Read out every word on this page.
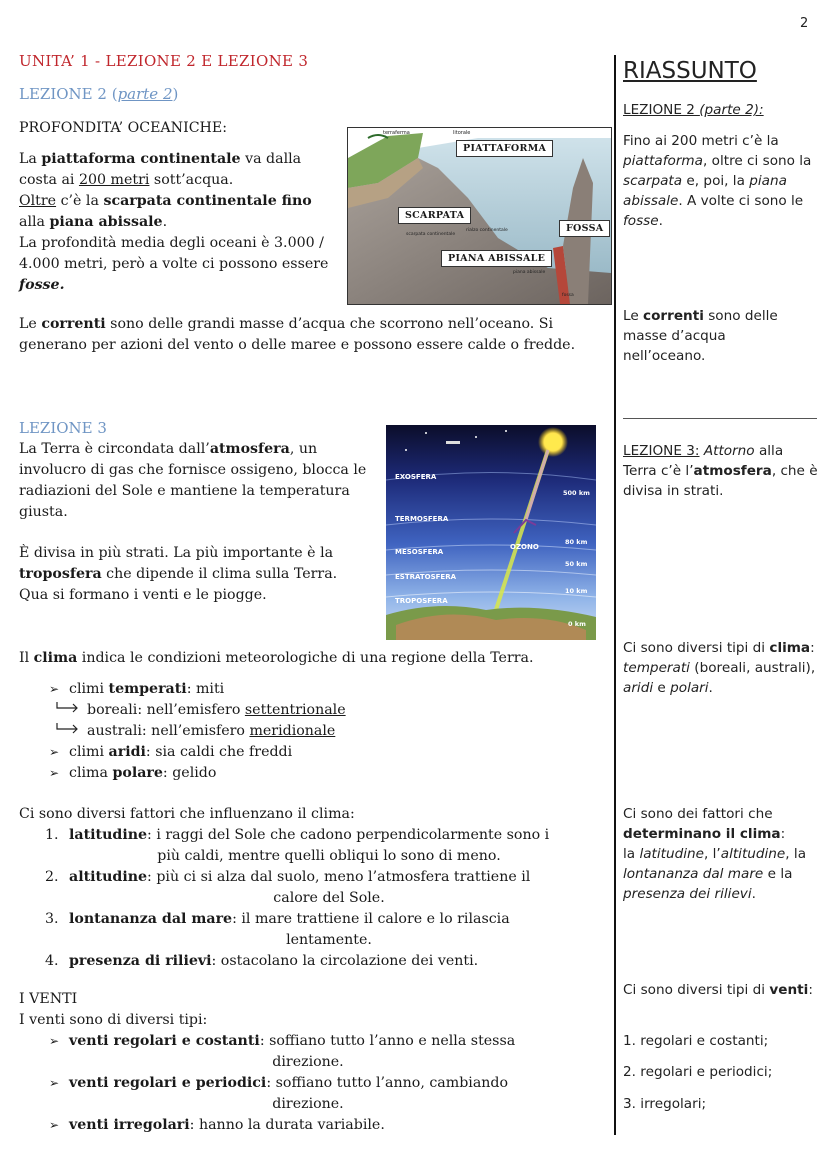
2
UNITA’ 1 - LEZIONE 2 E LEZIONE 3
LEZIONE 2 (parte 2)
PROFONDITA’ OCEANICHE:
La piattaforma continentale va dalla costa ai 200 metri sott’acqua.
Oltre c’è la scarpata continentale fino alla piana abissale.
La profondità media degli oceani è 3.000 / 4.000 metri, però a volte ci possono essere fosse.
terraferma	litorale
scarpata continentale
rialzo continentale
piana abissale
fossa
PIATTAFORMA
SCARPATA
FOSSA
PIANA ABISSALE
Le correnti sono delle grandi masse d’acqua che scorrono nell’oceano. Si generano per azioni del vento o delle maree e possono essere calde o fredde.
LEZIONE 3
La Terra è circondata dall’atmosfera, un involucro di gas che fornisce ossigeno, blocca le radiazioni del Sole e mantiene la temperatura giusta.
È divisa in più strati. La più importante è la troposfera che dipende il clima sulla Terra. Qua si formano i venti e le piogge.
EXOSFERA
TERMOSFERA
MESOSFERA
ESTRATOSFERA
TROPOSFERA
OZONO
500 km
80 km
50 km
10 km
0 km
Il clima indica le condizioni meteorologiche di una regione della Terra.
➢ climi temperati: miti
boreali: nell’emisfero settentrionale
australi: nell’emisfero meridionale
➢ climi aridi: sia caldi che freddi
➢ clima polare: gelido
Ci sono diversi fattori che influenzano il clima:
1. latitudine: i raggi del Sole che cadono perpendicolarmente sono i
più caldi, mentre quelli obliqui lo sono di meno.
2. altitudine: più ci si alza dal suolo, meno l’atmosfera trattiene il
calore del Sole.
3. lontananza dal mare: il mare trattiene il calore e lo rilascia
lentamente.
4. presenza di rilievi: ostacolano la circolazione dei venti.
I VENTI
I venti sono di diversi tipi:
➢ venti regolari e costanti: soffiano tutto l’anno e nella stessa
direzione.
➢ venti regolari e periodici: soffiano tutto l’anno, cambiando
direzione.
➢ venti irregolari: hanno la durata variabile.
RIASSUNTO
LEZIONE 2 (parte 2):
Fino ai 200 metri c’è la piattaforma, oltre ci sono la scarpata e, poi, la piana abissale. A volte ci sono le fosse.
Le correnti sono delle masse d’acqua nell’oceano.
LEZIONE 3: Attorno alla Terra c’è l’atmosfera, che è divisa in strati.
Ci sono diversi tipi di clima: temperati (boreali, australi), aridi e polari.
Ci sono dei fattori che determinano il clima:
la latitudine, l’altitudine, la lontananza dal mare e la presenza dei rilievi.
Ci sono diversi tipi di venti:
1. regolari e costanti;
2. regolari e periodici;
3. irregolari;
